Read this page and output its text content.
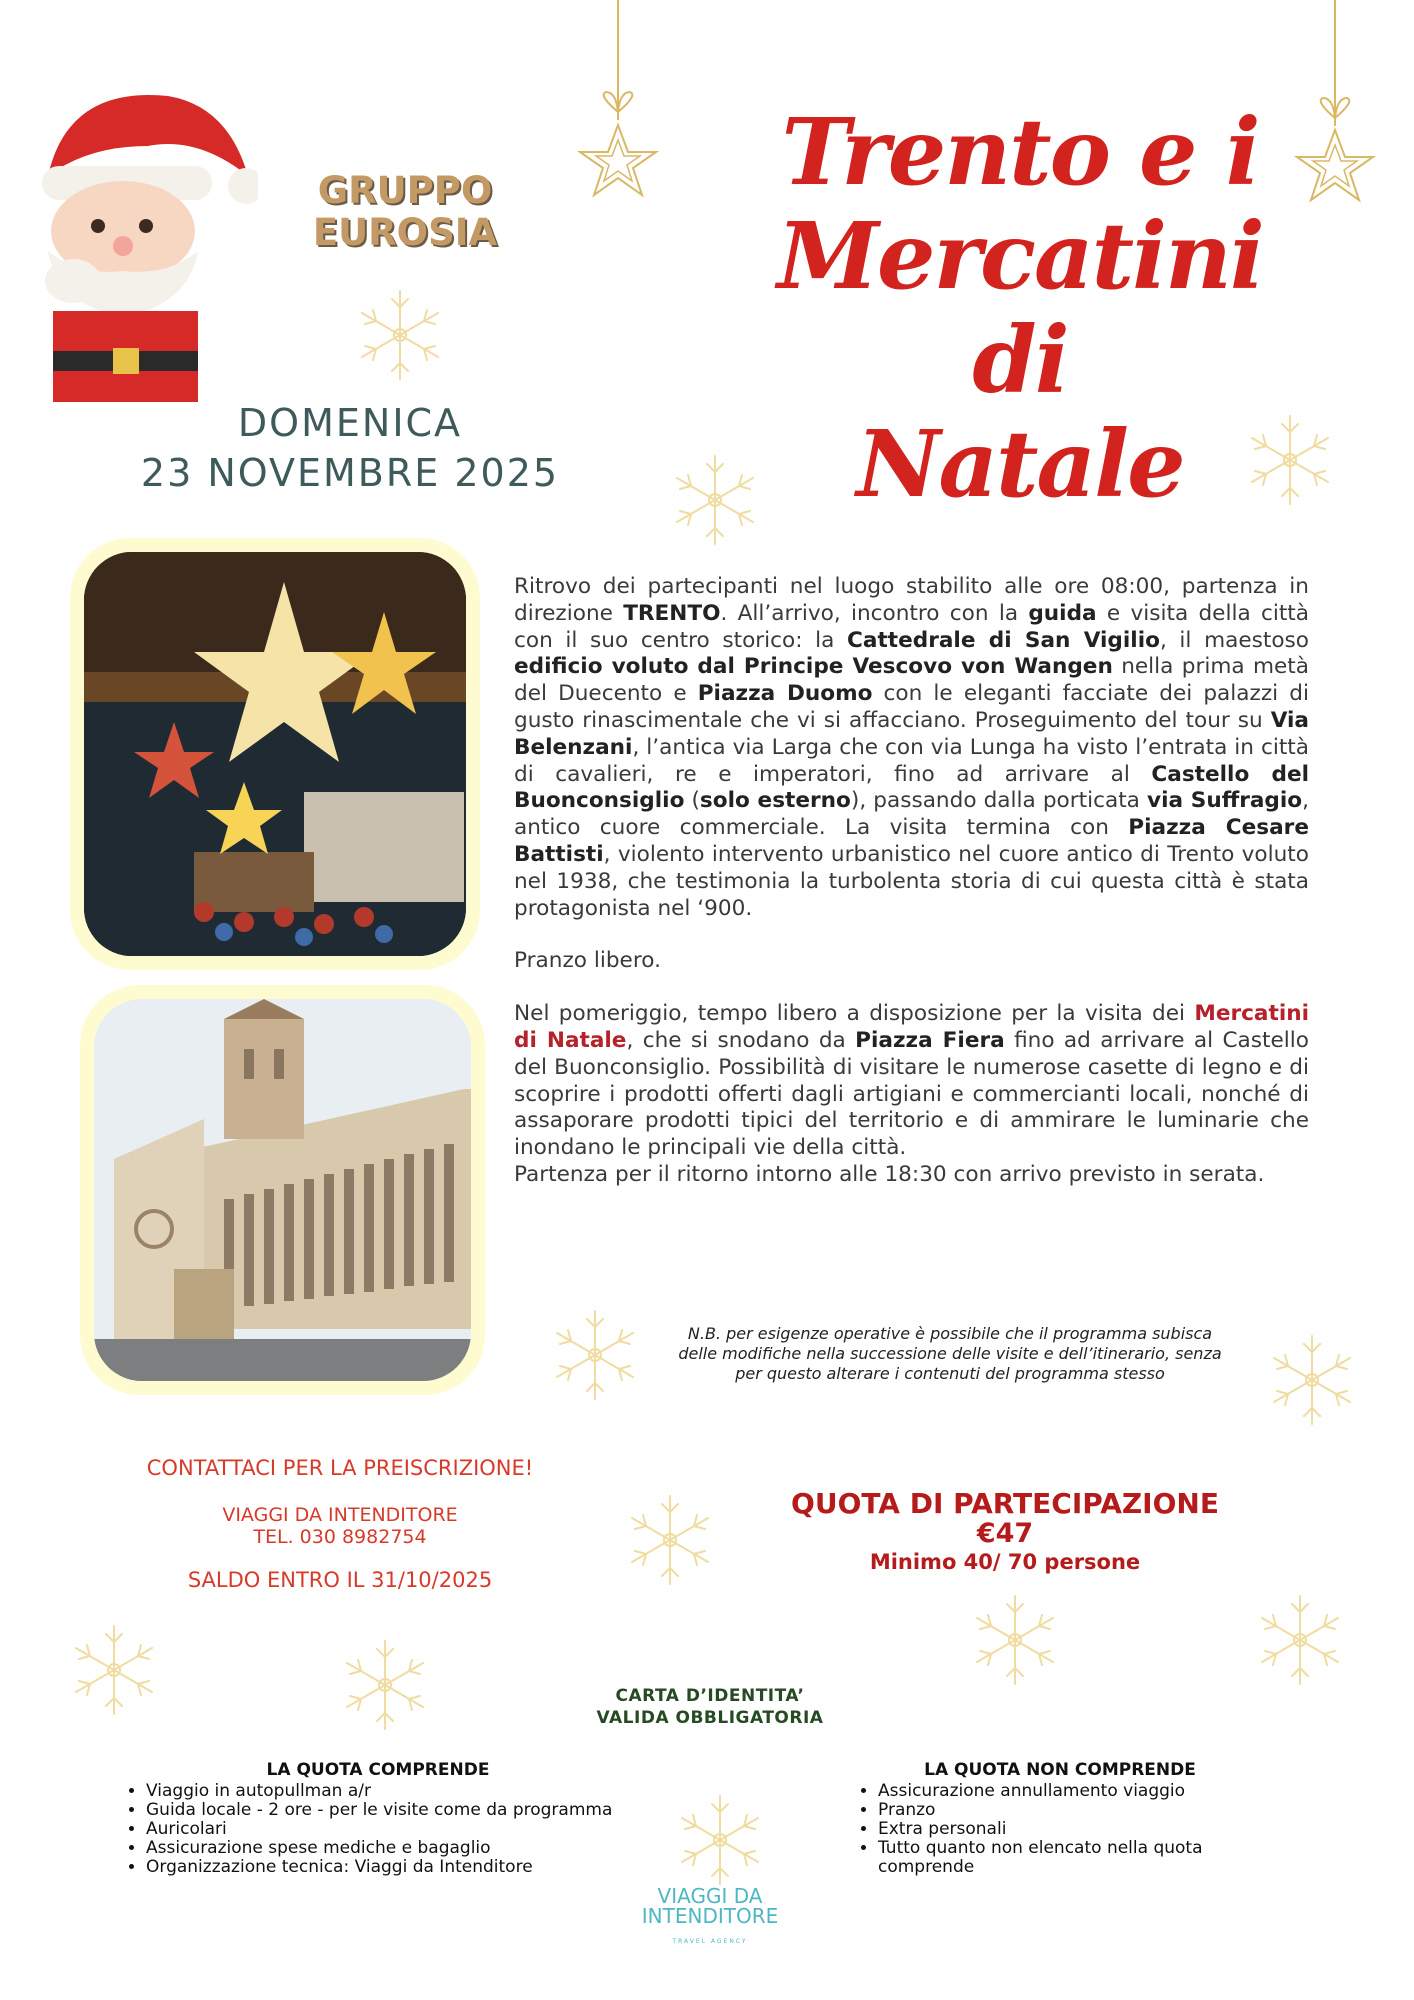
GRUPPO
EUROSIA
Trento e i
Mercatini di
Natale
DOMENICA
23 NOVEMBRE 2025

Ritrovo dei partecipanti nel luogo stabilito alle ore 08:00, partenza in direzione TRENTO. All’arrivo, incontro con la guida e visita della città con il suo centro storico: la Cattedrale di San Vigilio, il maestoso edificio voluto dal Principe Vescovo von Wangen nella prima metà del Duecento e Piazza Duomo con le eleganti facciate dei palazzi di gusto rinascimentale che vi si affacciano. Proseguimento del tour su Via Belenzani, l’antica via Larga che con via Lunga ha visto l’entrata in città di cavalieri, re e imperatori, fino ad arrivare al Castello del Buonconsiglio (solo esterno), passando dalla porticata via Suffragio, antico cuore commerciale. La visita termina con Piazza Cesare Battisti, violento intervento urbanistico nel cuore antico di Trento voluto nel 1938, che testimonia la turbolenta storia di cui questa città è stata protagonista nel ‘900.

Pranzo libero.

Nel pomeriggio, tempo libero a disposizione per la visita dei Mercatini di Natale, che si snodano da Piazza Fiera fino ad arrivare al Castello del Buonconsiglio. Possibilità di visitare le numerose casette di legno e di scoprire i prodotti offerti dagli artigiani e commercianti locali, nonché di assaporare prodotti tipici del territorio e di ammirare le luminarie che inondano le principali vie della città.

Partenza per il ritorno intorno alle 18:30 con arrivo previsto in serata.

N.B. per esigenze operative è possibile che il programma subisca delle modifiche nella successione delle visite e dell’itinerario, senza per questo alterare i contenuti del programma stesso
CONTATTACI PER LA PREISCRIZIONE!
VIAGGI DA INTENDITORE
TEL. 030 8982754
SALDO ENTRO IL 31/10/2025
QUOTA DI PARTECIPAZIONE
€47
Minimo 40/ 70 persone
CARTA D’IDENTITA’
VALIDA OBBLIGATORIA
LA QUOTA COMPRENDE
• Viaggio in autopullman a/r
• Guida locale - 2 ore - per le visite come da programma
• Auricolari
• Assicurazione spese mediche e bagaglio
• Organizzazione tecnica: Viaggi da Intenditore
LA QUOTA NON COMPRENDE
• Assicurazione annullamento viaggio
• Pranzo
• Extra personali
• Tutto quanto non elencato nella quota comprende
VIAGGI DA
INTENDITORE
TRAVEL AGENCY
